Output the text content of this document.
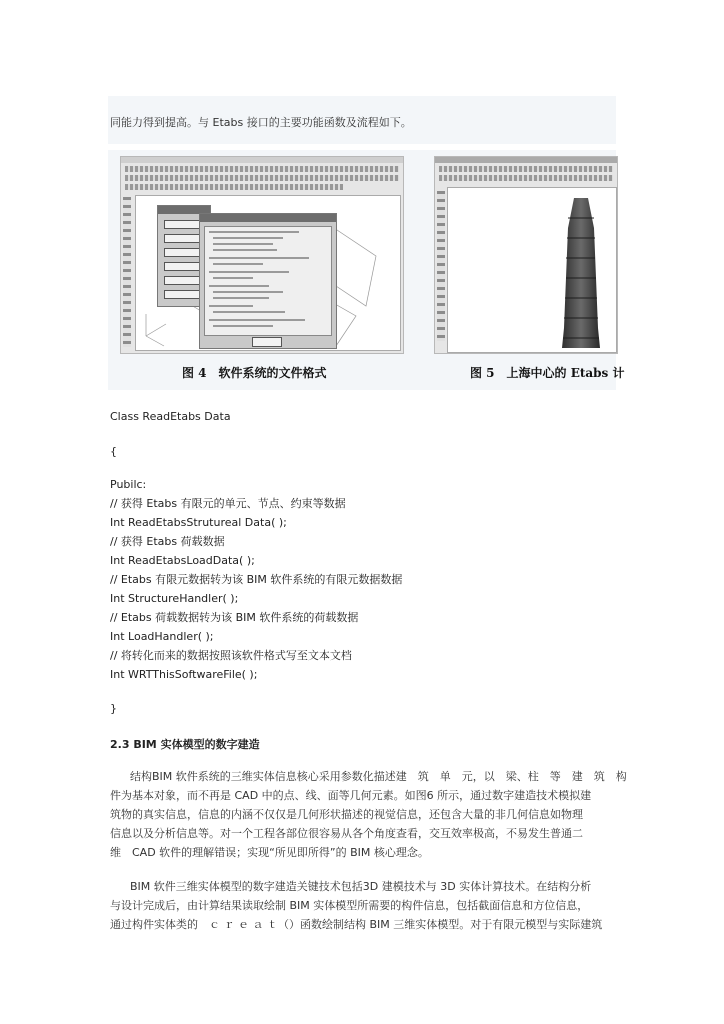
同能力得到提高。与 Etabs 接口的主要功能函数及流程如下。
图 4　软件系统的文件格式	图 5　上海中心的 Etabs 计
Class ReadEtabs Data
{
Pubilc:
// 获得 Etabs 有限元的单元、节点、约束等数据
Int ReadEtabsStrutureal Data( );
// 获得 Etabs 荷载数据
Int ReadEtabsLoadData( );
// Etabs 有限元数据转为该 BIM 软件系统的有限元数据数据
Int StructureHandler( );
// Etabs 荷载数据转为该 BIM 软件系统的荷载数据
Int LoadHandler( );
// 将转化而来的数据按照该软件格式写至文本文档
Int WRTThisSoftwareFile( );
}
2.3 BIM 实体模型的数字建造
结构BIM 软件系统的三维实体信息核心采用参数化描述建　筑　单　元，以　梁、柱　等　建　筑　构
件为基本对象，而不再是 CAD 中的点、线、面等几何元素。如图6 所示，通过数字建造技术模拟建
筑物的真实信息，信息的内涵不仅仅是几何形状描述的视觉信息，还包含大量的非几何信息如物理
信息以及分析信息等。对一个工程各部位很容易从各个角度查看，交互效率极高，不易发生普通二
维　CAD 软件的理解错误；实现“所见即所得”的 BIM 核心理念。
BIM 软件三维实体模型的数字建造关键技术包括3D 建模技术与 3D 实体计算技术。在结构分析
与设计完成后，由计算结果读取绘制 BIM 实体模型所需要的构件信息，包括截面信息和方位信息，
通过构件实体类的　ｃ ｒ ｅ ａ ｔ（）函数绘制结构 BIM 三维实体模型。对于有限元模型与实际建筑
